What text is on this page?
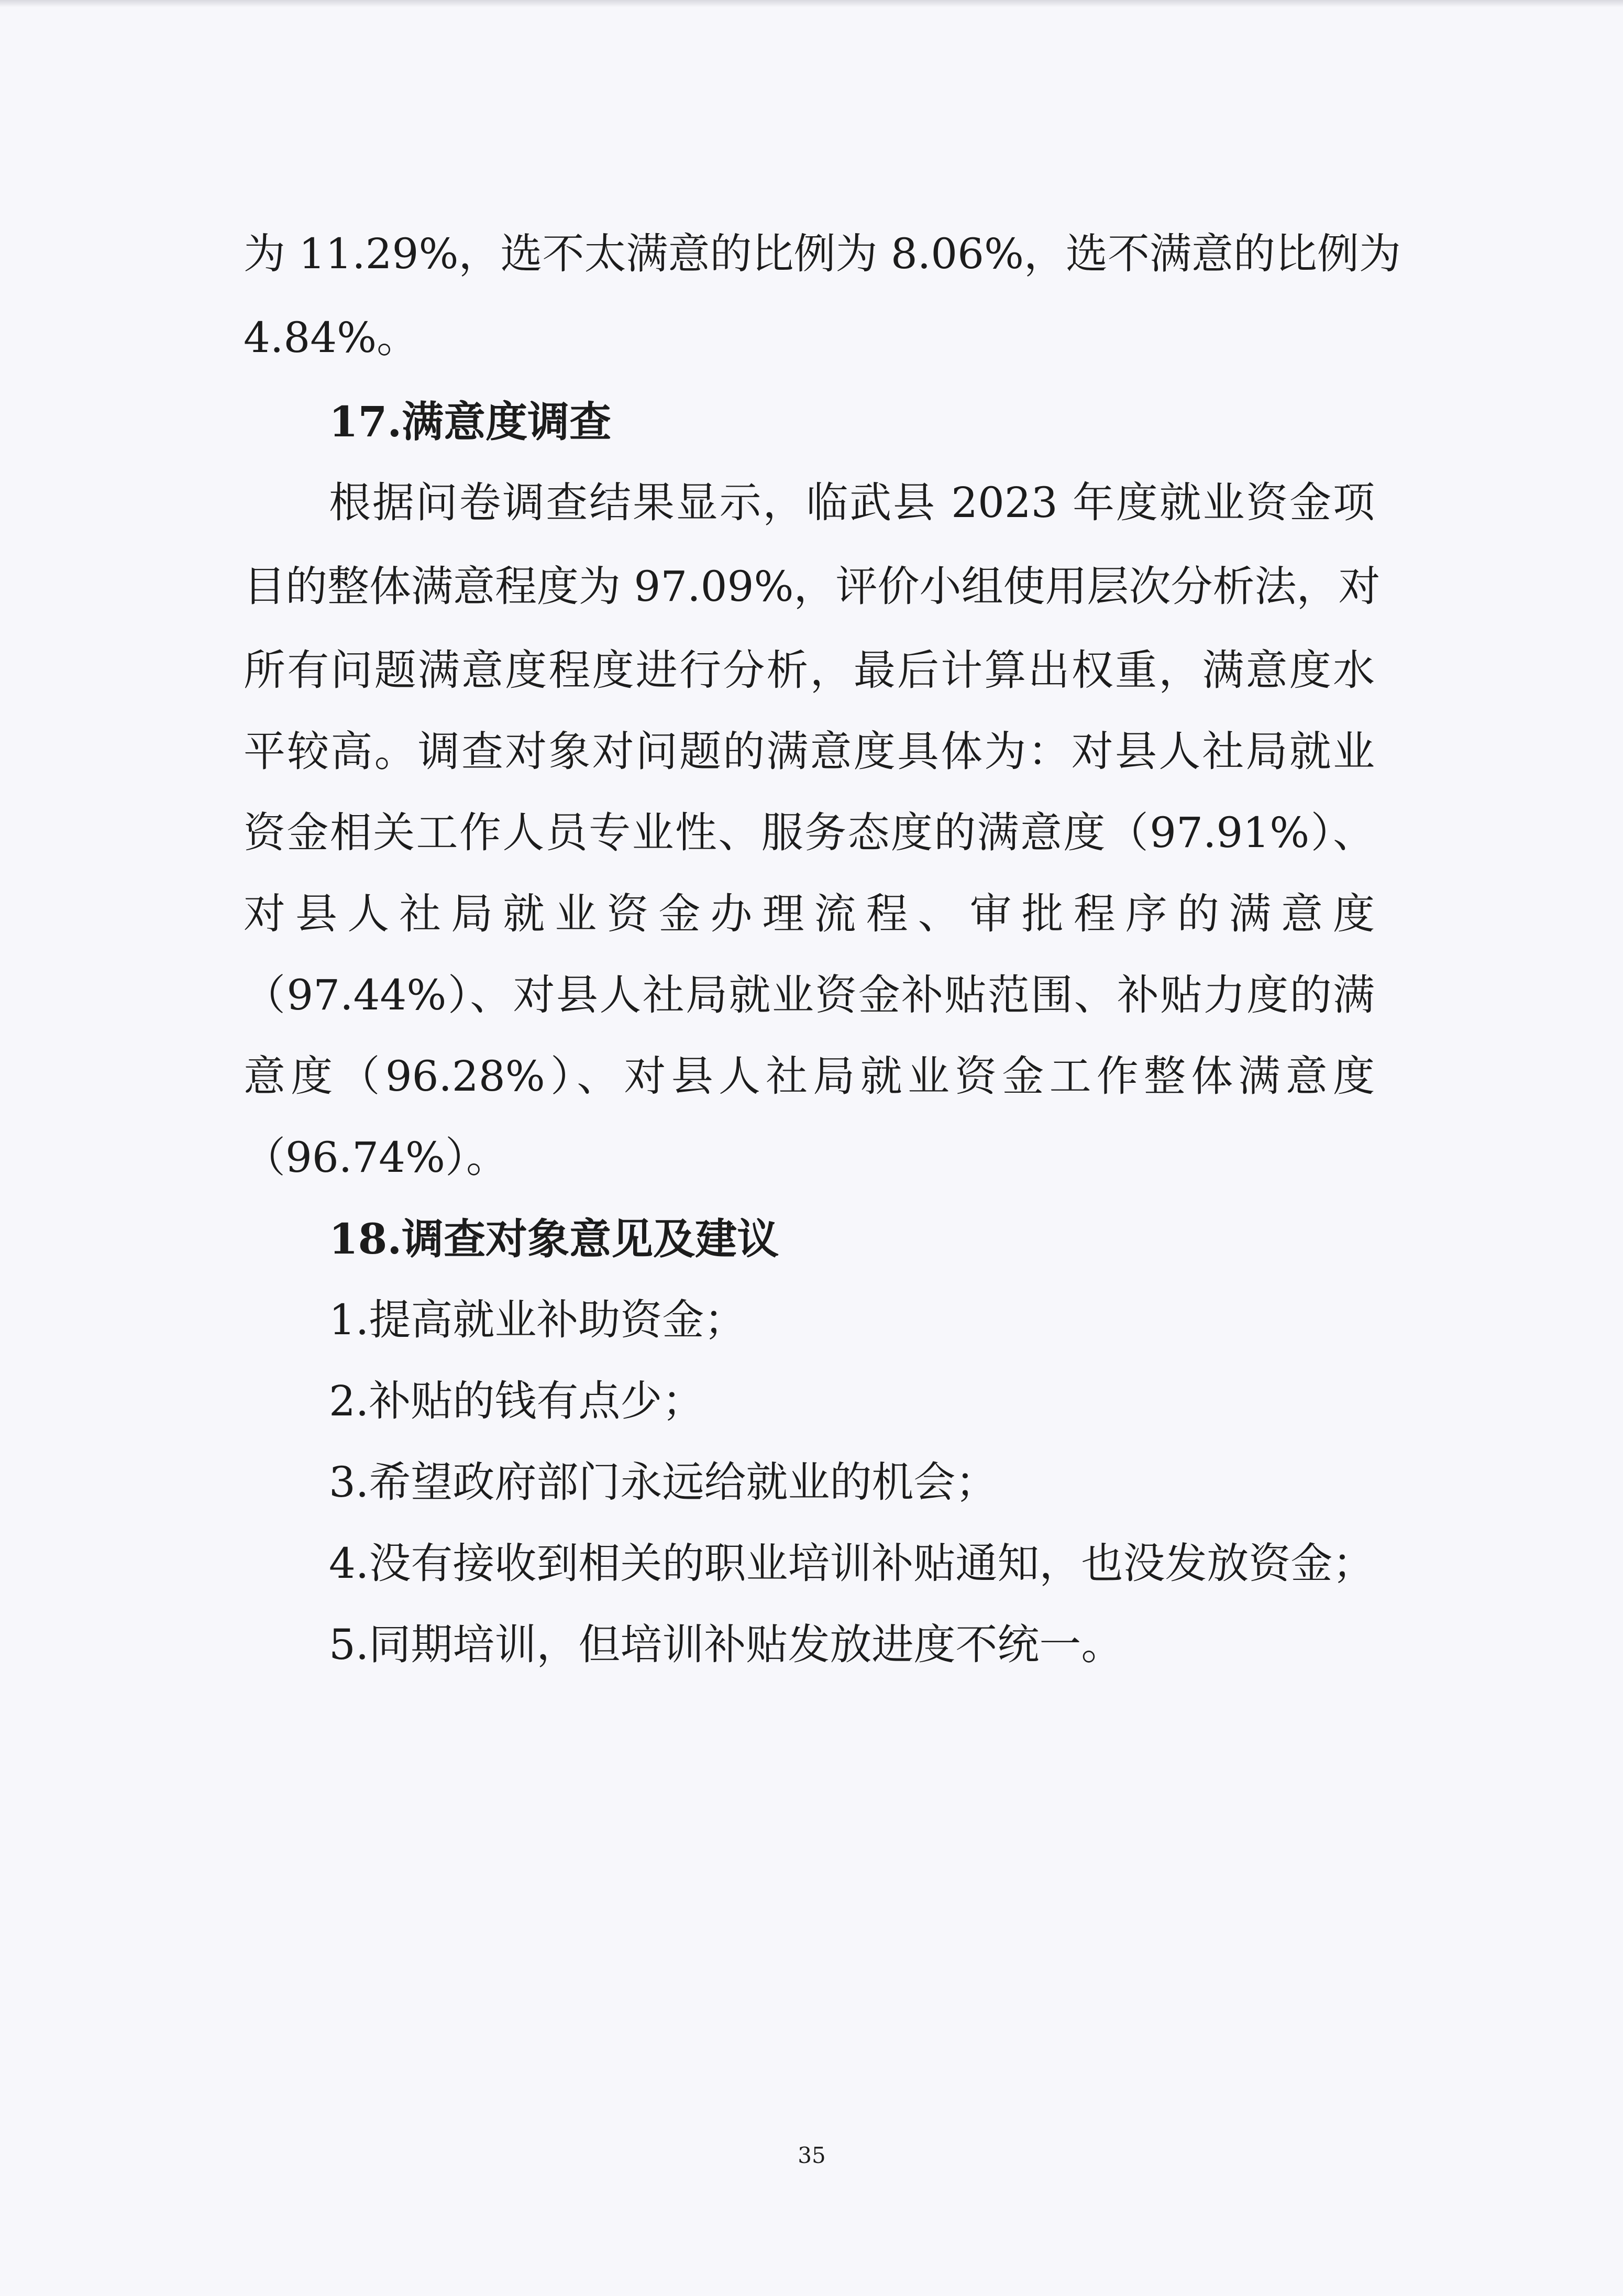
为 11.29%，选不太满意的比例为 8.06%，选不满意的比例为

4.84%。

17.满意度调查

根据问卷调查结果显示，临武县 2023 年度就业资金项

目的整体满意程度为 97.09%，评价小组使用层次分析法，对

所有问题满意度程度进行分析，最后计算出权重，满意度水

平较高。调查对象对问题的满意度具体为：对县人社局就业

资金相关工作人员专业性、服务态度的满意度（97.91%）、

对县人社局就业资金办理流程、审批程序的满意度

（97.44%）、对县人社局就业资金补贴范围、补贴力度的满

意度（96.28%）、对县人社局就业资金工作整体满意度

（96.74%）。

18.调查对象意见及建议

1.提高就业补助资金；

2.补贴的钱有点少；

3.希望政府部门永远给就业的机会；

4.没有接收到相关的职业培训补贴通知，也没发放资金；

5.同期培训，但培训补贴发放进度不统一。

35
